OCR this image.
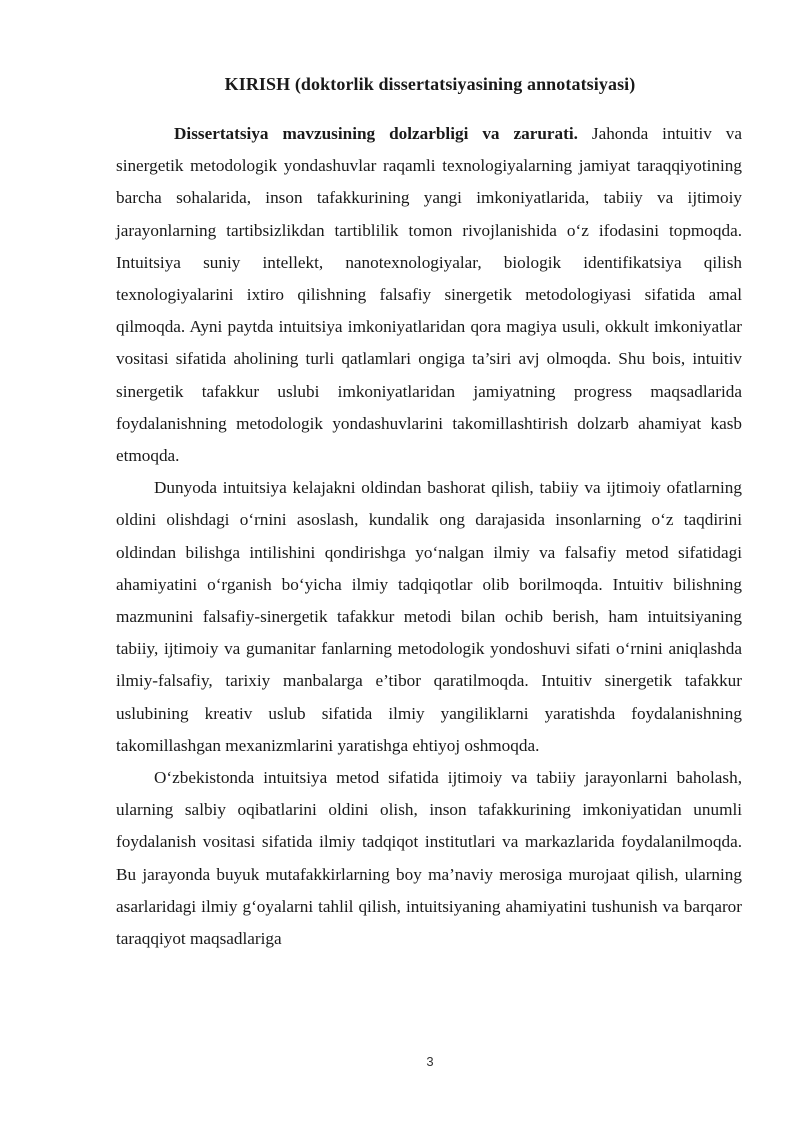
KIRISH (doktorlik dissertatsiyasining annotatsiyasi)

Dissertatsiya mavzusining dolzarbligi va zarurati. Jahonda intuitiv va sinergetik metodologik yondashuvlar raqamli texnologiyalarning jamiyat taraqqiyotining barcha sohalarida, inson tafakkurining yangi imkoniyatlarida, tabiiy va ijtimoiy jarayonlarning tartibsizlikdan tartiblilik tomon rivojlanishida o‘z ifodasini topmoqda. Intuitsiya suniy intellekt, nanotexnologiyalar, biologik identifikatsiya qilish texnologiyalarini ixtiro qilishning falsafiy sinergetik metodologiyasi sifatida amal qilmoqda. Ayni paytda intuitsiya imkoniyatlaridan qora magiya usuli, okkult imkoniyatlar vositasi sifatida aholining turli qatlamlari ongiga ta’siri avj olmoqda. Shu bois, intuitiv sinergetik tafakkur uslubi imkoniyatlaridan jamiyatning progress maqsadlarida foydalanishning metodologik yondashuvlarini takomillashtirish dolzarb ahamiyat kasb etmoqda.

Dunyoda intuitsiya kelajakni oldindan bashorat qilish, tabiiy va ijtimoiy ofatlarning oldini olishdagi o‘rnini asoslash, kundalik ong darajasida insonlarning o‘z taqdirini oldindan bilishga intilishini qondirishga yo‘nalgan ilmiy va falsafiy metod sifatidagi ahamiyatini o‘rganish bo‘yicha ilmiy tadqiqotlar olib borilmoqda. Intuitiv bilishning mazmunini falsafiy-sinergetik tafakkur metodi bilan ochib berish, ham intuitsiyaning tabiiy, ijtimoiy va gumanitar fanlarning metodologik yondoshuvi sifati o‘rnini aniqlashda ilmiy-falsafiy, tarixiy manbalarga e’tibor qaratilmoqda. Intuitiv sinergetik tafakkur uslubining kreativ uslub sifatida ilmiy yangiliklarni yaratishda foydalanishning takomillashgan mexanizmlarini yaratishga ehtiyoj oshmoqda.

O‘zbekistonda intuitsiya metod sifatida ijtimoiy va tabiiy jarayonlarni baholash, ularning salbiy oqibatlarini oldini olish, inson tafakkurining imkoniyatidan unumli foydalanish vositasi sifatida ilmiy tadqiqot institutlari va markazlarida foydalanilmoqda. Bu jarayonda buyuk mutafakkirlarning boy ma’naviy merosiga murojaat qilish, ularning asarlaridagi ilmiy g‘oyalarni tahlil qilish, intuitsiyaning ahamiyatini tushunish va barqaror taraqqiyot maqsadlariga

3
